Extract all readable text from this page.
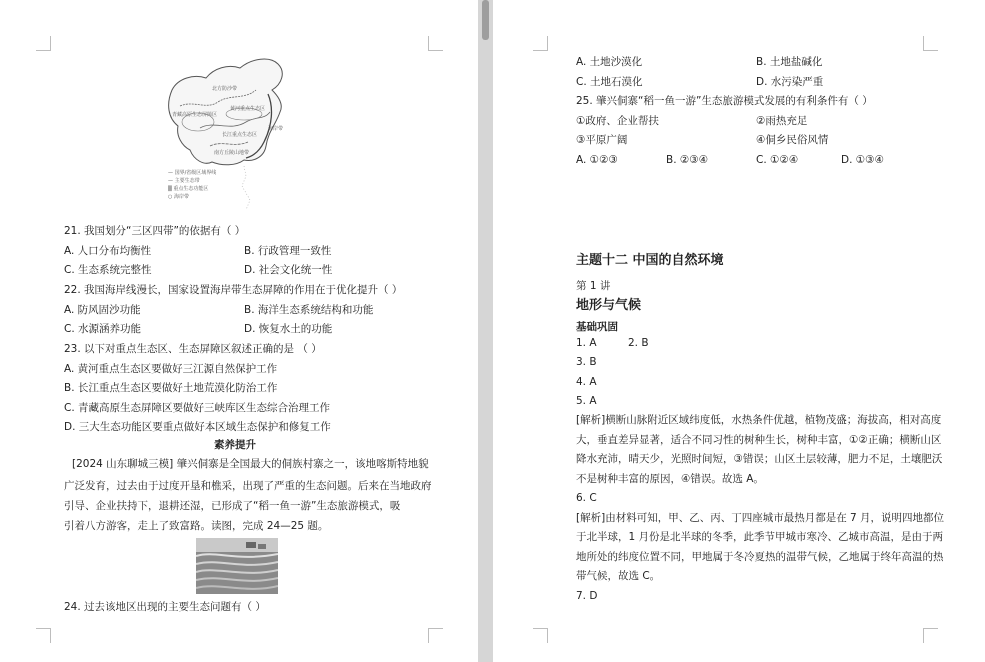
青藏高原生态屏障区
北方防沙带
黄河重点生态区
长江重点生态区
南方丘陵山地带
海岸带
— 国界/省级区域界线
— 主要生态带
▒ 重点生态功能区
○ 海岸带
21. 我国划分“三区四带”的依据有（ ）
A. 人口分布均衡性	B. 行政管理一致性
C. 生态系统完整性	D. 社会文化统一性
22. 我国海岸线漫长，国家设置海岸带生态屏障的作用在于优化提升（ ）
A. 防风固沙功能	B. 海洋生态系统结构和功能
C. 水源涵养功能	D. 恢复水土的功能
23. 以下对重点生态区、生态屏障区叙述正确的是 （ ）
A. 黄河重点生态区要做好三江源自然保护工作
B. 长江重点生态区要做好土地荒漠化防治工作
C. 青藏高原生态屏障区要做好三峡库区生态综合治理工作
D. 三大生态功能区要重点做好本区域生态保护和修复工作
素养提升
[2024 山东聊城三模] 肇兴侗寨是全国最大的侗族村寨之一，该地喀斯特地貌
广泛发育，过去由于过度开垦和樵采，出现了严重的生态问题。后来在当地政府
引导、企业扶持下，退耕还湿，已形成了“稻一鱼一游”生态旅游模式，吸
引着八方游客，走上了致富路。读图，完成 24—25 题。
24. 过去该地区出现的主要生态问题有（ ）
A. 土地沙漠化	B. 土地盐碱化
C. 土地石漠化	D. 水污染严重
25. 肇兴侗寨“稻一鱼一游”生态旅游模式发展的有利条件有（ ）
①政府、企业帮扶	②雨热充足
③平原广阔	④侗乡民俗风情
A. ①②③	B. ②③④	C. ①②④	D. ①③④
主题十二 中国的自然环境
第 1 讲
地形与气候
基础巩固
1. A	2. B
3. B
4. A
5. A
[解析]横断山脉附近区域纬度低，水热条件优越，植物茂盛；海拔高，相对高度
大，垂直差异显著，适合不同习性的树种生长，树种丰富，①②正确；横断山区
降水充沛，晴天少，光照时间短，③错误；山区土层较薄，肥力不足，土壤肥沃
不是树种丰富的原因，④错误。故选 A。
6. C
[解析]由材料可知，甲、乙、丙、丁四座城市最热月都是在 7 月，说明四地都位
于北半球，1 月份是北半球的冬季，此季节甲城市寒冷、乙城市高温，是由于两
地所处的纬度位置不同，甲地属于冬冷夏热的温带气候，乙地属于终年高温的热
带气候，故选 C。
7. D
